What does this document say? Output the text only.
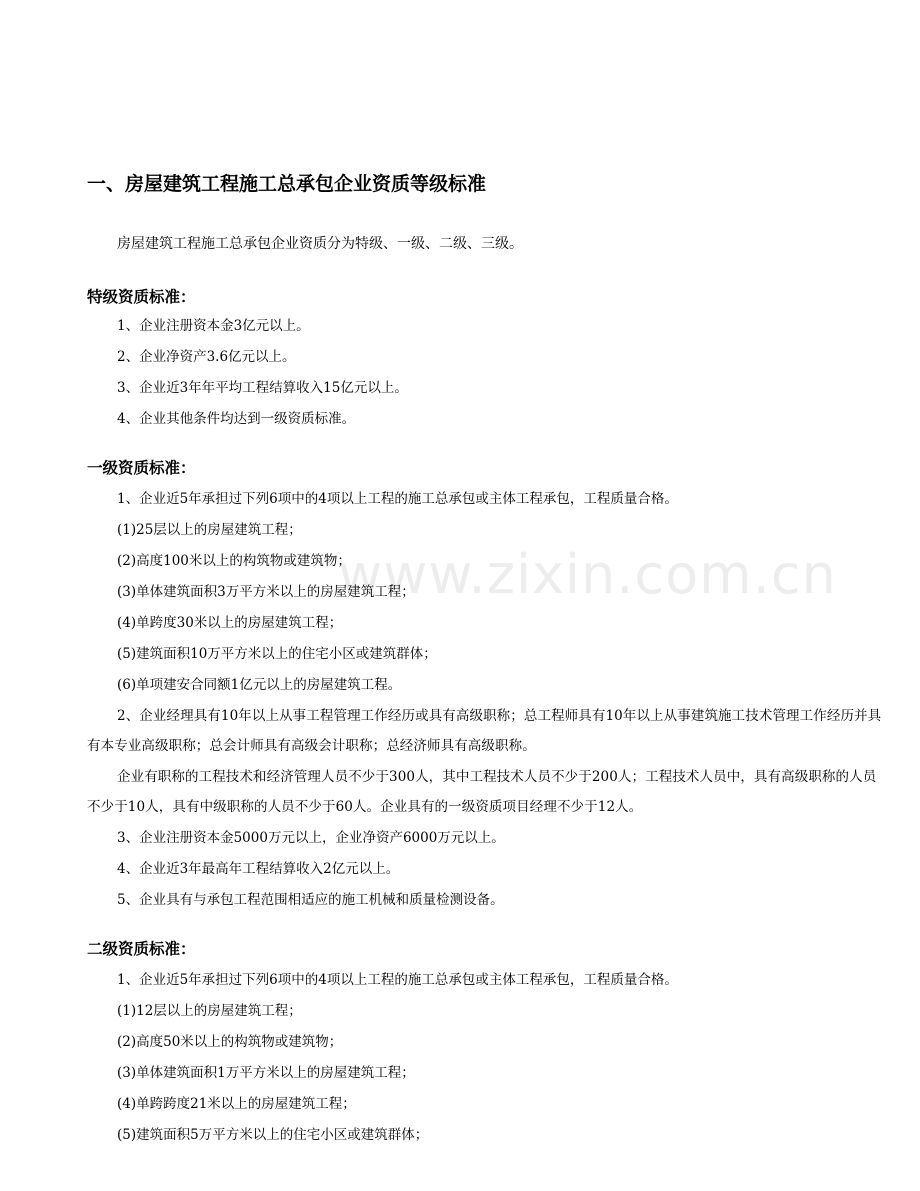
www.zixin.com.cn
一、房屋建筑工程施工总承包企业资质等级标准

房屋建筑工程施工总承包企业资质分为特级、一级、二级、三级。

特级资质标准：

1、企业注册资本金3亿元以上。

2、企业净资产3.6亿元以上。

3、企业近3年年平均工程结算收入15亿元以上。

4、企业其他条件均达到一级资质标准。

一级资质标准：

1、企业近5年承担过下列6项中的4项以上工程的施工总承包或主体工程承包，工程质量合格。

(1)25层以上的房屋建筑工程；

(2)高度100米以上的构筑物或建筑物；

(3)单体建筑面积3万平方米以上的房屋建筑工程；

(4)单跨度30米以上的房屋建筑工程；

(5)建筑面积10万平方米以上的住宅小区或建筑群体；

(6)单项建安合同额1亿元以上的房屋建筑工程。

2、企业经理具有10年以上从事工程管理工作经历或具有高级职称；总工程师具有10年以上从事建筑施工技术管理工作经历并具有本专业高级职称；总会计师具有高级会计职称；总经济师具有高级职称。

企业有职称的工程技术和经济管理人员不少于300人，其中工程技术人员不少于200人；工程技术人员中，具有高级职称的人员不少于10人，具有中级职称的人员不少于60人。企业具有的一级资质项目经理不少于12人。

3、企业注册资本金5000万元以上，企业净资产6000万元以上。

4、企业近3年最高年工程结算收入2亿元以上。

5、企业具有与承包工程范围相适应的施工机械和质量检测设备。

二级资质标准：

1、企业近5年承担过下列6项中的4项以上工程的施工总承包或主体工程承包，工程质量合格。

(1)12层以上的房屋建筑工程；

(2)高度50米以上的构筑物或建筑物；

(3)单体建筑面积1万平方米以上的房屋建筑工程；

(4)单跨跨度21米以上的房屋建筑工程；

(5)建筑面积5万平方米以上的住宅小区或建筑群体；
